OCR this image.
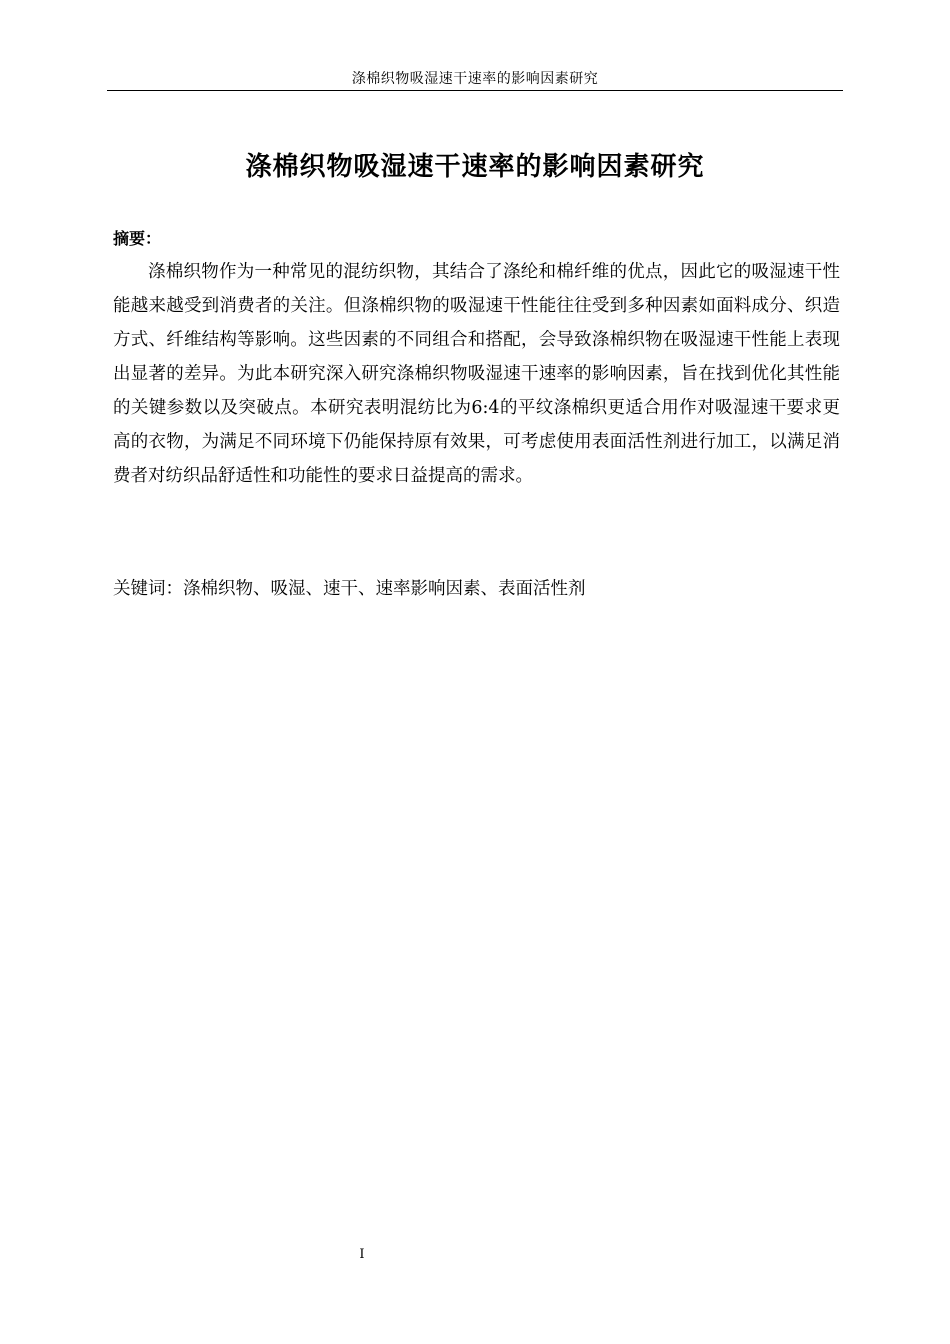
涤棉织物吸湿速干速率的影响因素研究
涤棉织物吸湿速干速率的影响因素研究
摘要：

涤棉织物作为一种常见的混纺织物，其结合了涤纶和棉纤维的优点，因此它的吸湿速干性能越来越受到消费者的关注。但涤棉织物的吸湿速干性能往往受到多种因素如面料成分、织造方式、纤维结构等影响。这些因素的不同组合和搭配，会导致涤棉织物在吸湿速干性能上表现出显著的差异。为此本研究深入研究涤棉织物吸湿速干速率的影响因素，旨在找到优化其性能的关键参数以及突破点。本研究表明混纺比为6:4的平纹涤棉织更适合用作对吸湿速干要求更高的衣物，为满足不同环境下仍能保持原有效果，可考虑使用表面活性剂进行加工，以满足消费者对纺织品舒适性和功能性的要求日益提高的需求。

关键词：涤棉织物、吸湿、速干、速率影响因素、表面活性剂

I
